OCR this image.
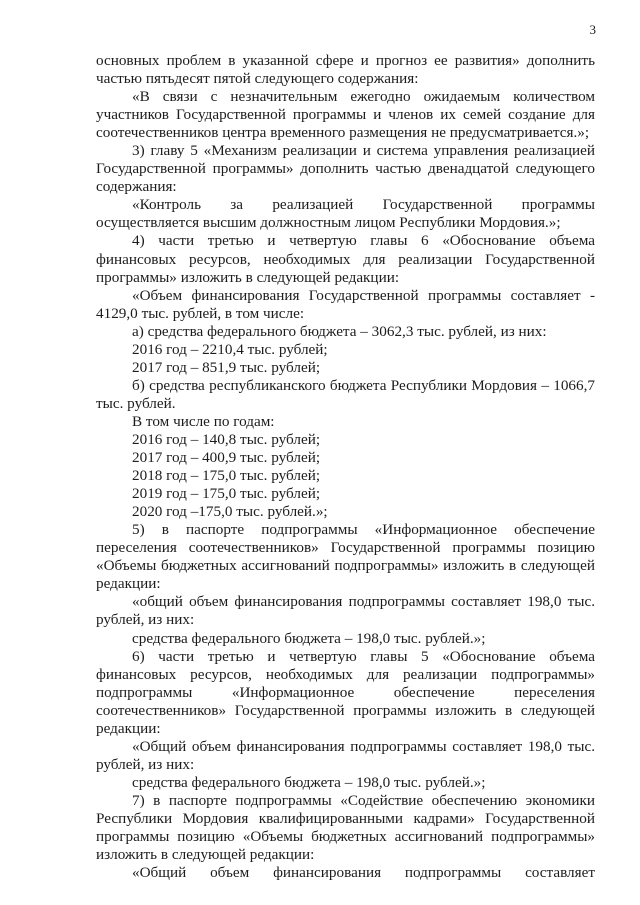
3

основных проблем в указанной сфере и прогноз ее развития» дополнить частью пятьдесят пятой следующего содержания:

«В связи с незначительным ежегодно ожидаемым количеством участников Государственной программы и членов их семей создание для соотечественников центра временного размещения не предусматривается.»;

3) главу 5 «Механизм реализации и система управления реализацией Государственной программы» дополнить частью двенадцатой следующего содержания:

«Контроль за реализацией Государственной программы осуществляется высшим должностным лицом Республики Мордовия.»;

4) части третью и четвертую главы 6 «Обоснование объема финансовых ресурсов, необходимых для реализации Государственной программы» изложить в следующей редакции:

«Объем финансирования Государственной программы составляет - 4129,0 тыс. рублей, в том числе:

а) средства федерального бюджета – 3062,3 тыс. рублей, из них:

2016 год – 2210,4 тыс. рублей;

2017 год – 851,9 тыс. рублей;

б) средства республиканского бюджета Республики Мордовия – 1066,7 тыс. рублей.

В том числе по годам:

2016 год – 140,8 тыс. рублей;

2017 год – 400,9 тыс. рублей;

2018 год – 175,0 тыс. рублей;

2019 год – 175,0 тыс. рублей;

2020 год –175,0 тыс. рублей.»;

5) в паспорте подпрограммы «Информационное обеспечение переселения соотечественников» Государственной программы позицию «Объемы бюджетных ассигнований подпрограммы» изложить в следующей редакции:

«общий объем финансирования подпрограммы составляет 198,0 тыс. рублей, из них:

средства федерального бюджета – 198,0 тыс. рублей.»;

6) части третью и четвертую главы 5 «Обоснование объема финансовых ресурсов, необходимых для реализации подпрограммы» подпрограммы «Информационное обеспечение переселения соотечественников» Государственной программы изложить в следующей редакции:

«Общий объем финансирования подпрограммы составляет 198,0 тыс. рублей, из них:

средства федерального бюджета – 198,0 тыс. рублей.»;

7) в паспорте подпрограммы «Содействие обеспечению экономики Республики Мордовия квалифицированными кадрами» Государственной программы позицию «Объемы бюджетных ассигнований подпрограммы» изложить в следующей редакции:

«Общий объем финансирования подпрограммы составляет
